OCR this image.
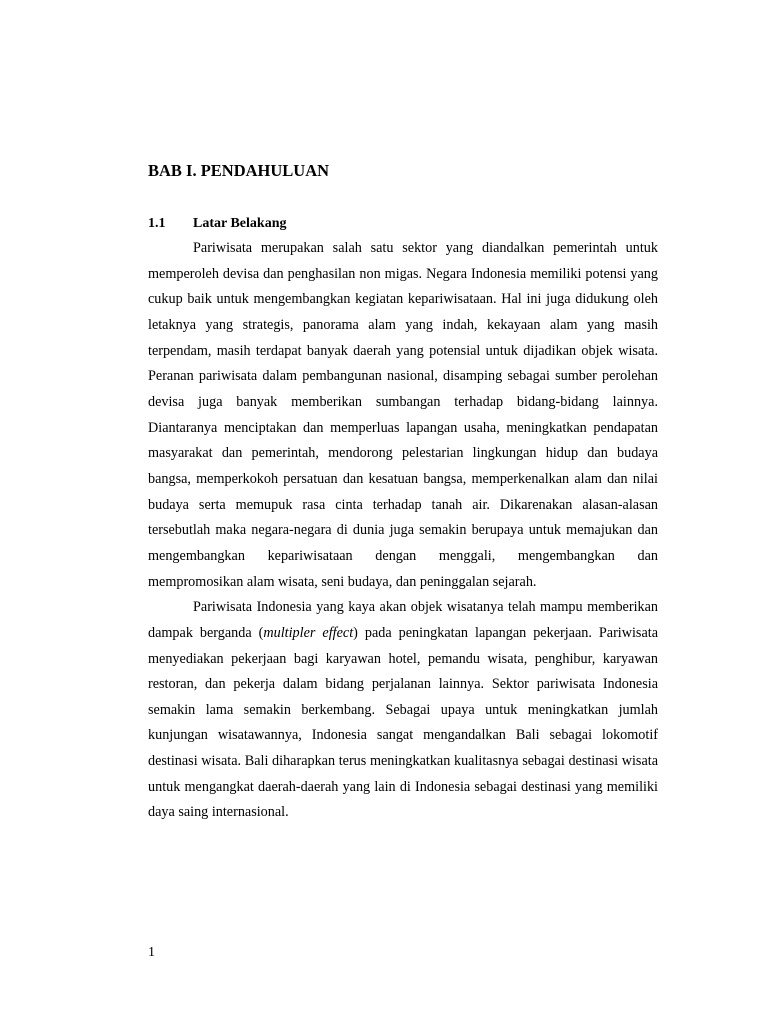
BAB I. PENDAHULUAN
1.1 Latar Belakang

Pariwisata merupakan salah satu sektor yang diandalkan pemerintah untuk memperoleh devisa dan penghasilan non migas. Negara Indonesia memiliki potensi yang cukup baik untuk mengembangkan kegiatan kepariwisataan. Hal ini juga didukung oleh letaknya yang strategis, panorama alam yang indah, kekayaan alam yang masih terpendam, masih terdapat banyak daerah yang potensial untuk dijadikan objek wisata. Peranan pariwisata dalam pembangunan nasional, disamping sebagai sumber perolehan devisa juga banyak memberikan sumbangan terhadap bidang-bidang lainnya. Diantaranya menciptakan dan memperluas lapangan usaha, meningkatkan pendapatan masyarakat dan pemerintah, mendorong pelestarian lingkungan hidup dan budaya bangsa, memperkokoh persatuan dan kesatuan bangsa, memperkenalkan alam dan nilai budaya serta memupuk rasa cinta terhadap tanah air. Dikarenakan alasan-alasan tersebutlah maka negara-negara di dunia juga semakin berupaya untuk memajukan dan mengembangkan kepariwisataan dengan menggali, mengembangkan dan mempromosikan alam wisata, seni budaya, dan peninggalan sejarah.

Pariwisata Indonesia yang kaya akan objek wisatanya telah mampu memberikan dampak berganda (multipler effect) pada peningkatan lapangan pekerjaan. Pariwisata menyediakan pekerjaan bagi karyawan hotel, pemandu wisata, penghibur, karyawan restoran, dan pekerja dalam bidang perjalanan lainnya. Sektor pariwisata Indonesia semakin lama semakin berkembang. Sebagai upaya untuk meningkatkan jumlah kunjungan wisatawannya, Indonesia sangat mengandalkan Bali sebagai lokomotif destinasi wisata. Bali diharapkan terus meningkatkan kualitasnya sebagai destinasi wisata untuk mengangkat daerah-daerah yang lain di Indonesia sebagai destinasi yang memiliki daya saing internasional.

1
